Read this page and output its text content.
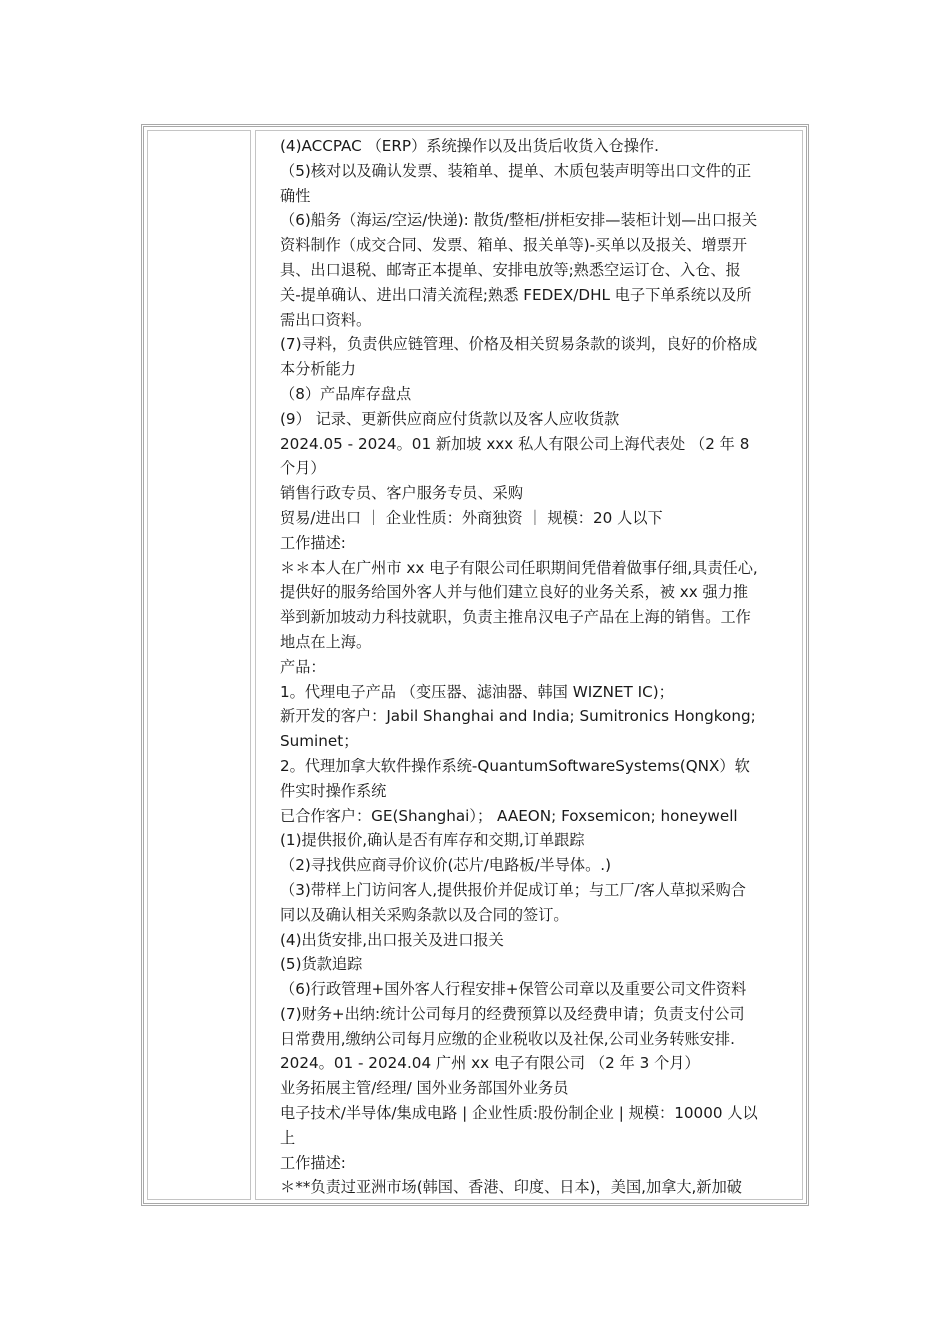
(4)ACCPAC （ERP）系统操作以及出货后收货入仓操作.
（5)核对以及确认发票、装箱单、提单、木质包装声明等出口文件的正
确性
（6)船务（海运/空运/快递): 散货/整柜/拼柜安排—装柜计划—出口报关
资料制作（成交合同、发票、箱单、报关单等)-买单以及报关、增票开
具、出口退税、邮寄正本提单、安排电放等;熟悉空运订仓、入仓、报
关-提单确认、进出口清关流程;熟悉 FEDEX/DHL 电子下单系统以及所
需出口资料。
(7)寻料，负责供应链管理、价格及相关贸易条款的谈判，良好的价格成
本分析能力
（8）产品库存盘点
(9） 记录、更新供应商应付货款以及客人应收货款
2024.05 - 2024。01 新加坡 xxx 私人有限公司上海代表处 （2 年 8
个月）
销售行政专员、客户服务专员、采购
贸易/进出口 ｜ 企业性质：外商独资 ｜ 规模：20 人以下
工作描述:
＊＊本人在广州市 xx 电子有限公司任职期间凭借着做事仔细,具责任心,
提供好的服务给国外客人并与他们建立良好的业务关系，被 xx 强力推
举到新加坡动力科技就职，负责主推帛汉电子产品在上海的销售。工作
地点在上海。
产品：
1。代理电子产品 （变压器、滤油器、韩国 WIZNET IC)；
新开发的客户：Jabil Shanghai and India; Sumitronics Hongkong;
Suminet；
2。代理加拿大软件操作系统-QuantumSoftwareSystems(QNX）软
件实时操作系统
已合作客户：GE(Shanghai）； AAEON; Foxsemicon; honeywell
(1)提供报价,确认是否有库存和交期,订单跟踪
（2)寻找供应商寻价议价(芯片/电路板/半导体。.)
（3)带样上门访问客人,提供报价并促成订单；与工厂/客人草拟采购合
同以及确认相关采购条款以及合同的签订。
(4)出货安排,出口报关及进口报关
(5)货款追踪
（6)行政管理+国外客人行程安排+保管公司章以及重要公司文件资料
(7)财务+出纳:统计公司每月的经费预算以及经费申请；负责支付公司
日常费用,缴纳公司每月应缴的企业税收以及社保,公司业务转账安排.
2024。01 - 2024.04 广州 xx 电子有限公司 （2 年 3 个月）
业务拓展主管/经理/ 国外业务部国外业务员
电子技术/半导体/集成电路 | 企业性质:股份制企业 | 规模：10000 人以
上
工作描述:
＊**负责过亚洲市场(韩国、香港、印度、日本)，美国,加拿大,新加破
